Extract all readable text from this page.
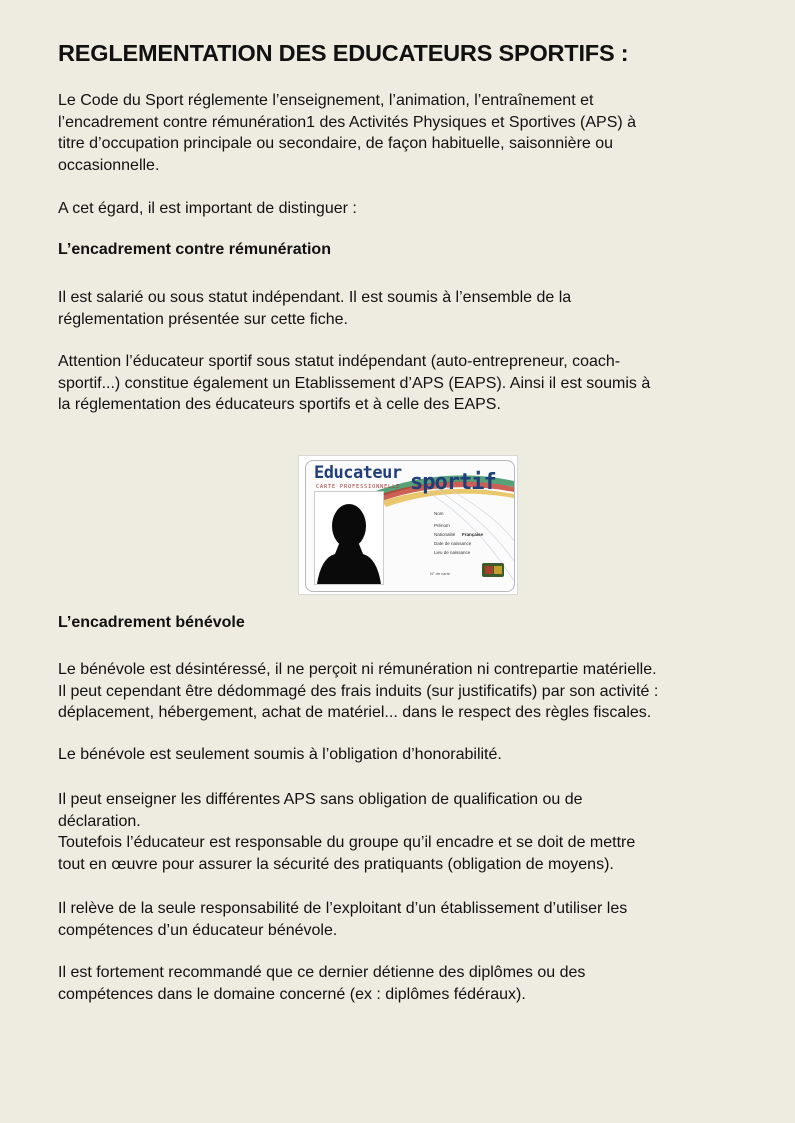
REGLEMENTATION DES EDUCATEURS SPORTIFS :

Le Code du Sport réglemente l’enseignement, l’animation, l’entraînement et
l’encadrement contre rémunération1 des Activités Physiques et Sportives (APS) à
titre d’occupation principale ou secondaire, de façon habituelle, saisonnière ou
occasionnelle.

A cet égard, il est important de distinguer :

L’encadrement contre rémunération

Il est salarié ou sous statut indépendant. Il est soumis à l’ensemble de la
réglementation présentée sur cette fiche.

Attention l’éducateur sportif sous statut indépendant (auto-entrepreneur, coach-
sportif...) constitue également un Etablissement d’APS (EAPS). Ainsi il est soumis à
la réglementation des éducateurs sportifs et à celle des EAPS.

Educateur sportif
CARTE PROFESSIONNELLE
Nom
Prénom
Nationalité Française
Date de naissance
Lieu de naissance
N° de carte
L’encadrement bénévole

Le bénévole est désintéressé, il ne perçoit ni rémunération ni contrepartie matérielle.
Il peut cependant être dédommagé des frais induits (sur justificatifs) par son activité :
déplacement, hébergement, achat de matériel... dans le respect des règles fiscales.

Le bénévole est seulement soumis à l’obligation d’honorabilité.

Il peut enseigner les différentes APS sans obligation de qualification ou de
déclaration.
Toutefois l’éducateur est responsable du groupe qu’il encadre et se doit de mettre
tout en œuvre pour assurer la sécurité des pratiquants (obligation de moyens).

Il relève de la seule responsabilité de l’exploitant d’un établissement d’utiliser les
compétences d’un éducateur bénévole.

Il est fortement recommandé que ce dernier détienne des diplômes ou des
compétences dans le domaine concerné (ex : diplômes fédéraux).
